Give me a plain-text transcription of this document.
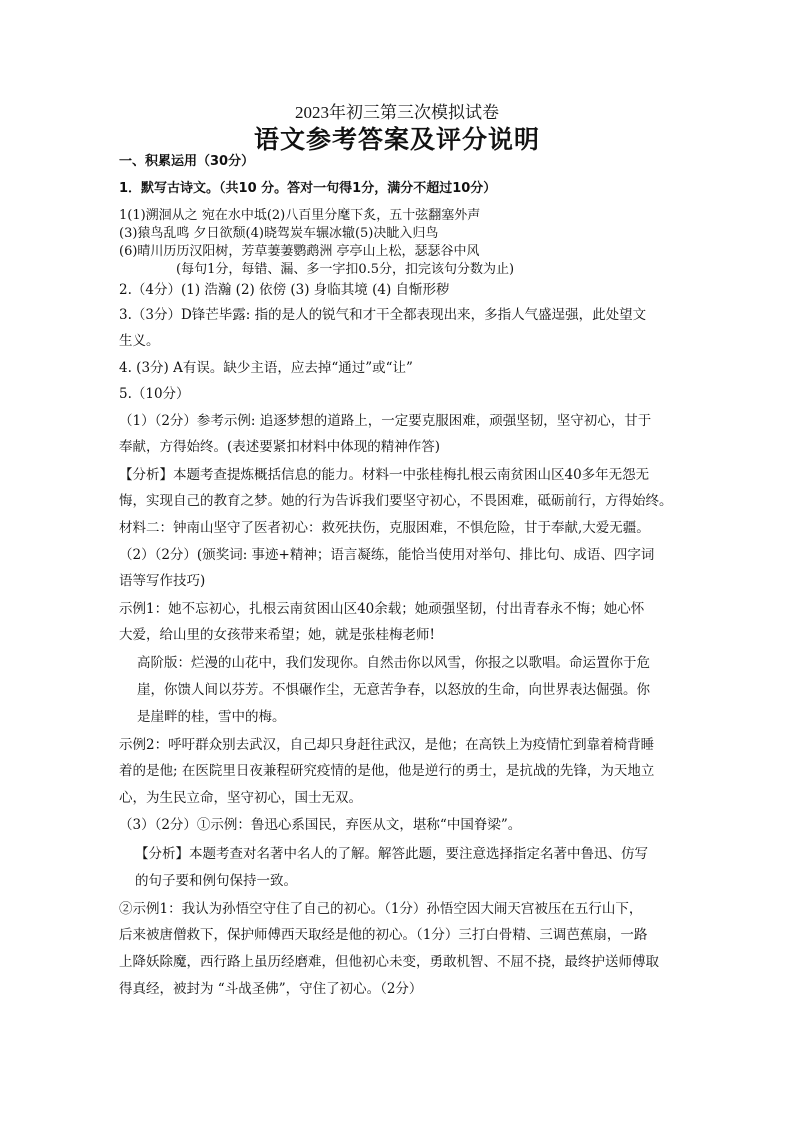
2023年初三第三次模拟试卷
语文参考答案及评分说明
一、积累运用（30分）
1．默写古诗文。（共10 分。答对一句得1分，满分不超过10分）
1(1)溯洄从之 宛在水中坻(2)八百里分麾下炙，五十弦翻塞外声
(3)猿鸟乱鸣 夕日欲颓(4)晓驾炭车辗冰辙(5)决眦入归鸟
(6)晴川历历汉阳树，芳草萋萋鹦鹉洲 亭亭山上松，瑟瑟谷中风
(每句1分，每错、漏、多一字扣0.5分，扣完该句分数为止)
2.（4分）(1) 浩瀚 (2) 依傍 (3) 身临其境 (4) 自惭形秽
3.（3分）D锋芒毕露: 指的是人的锐气和才干全都表现出来，多指人气盛逞强，此处望文
生义。
4. (3分) A有误。缺少主语，应去掉“通过”或“让”
5.（10分）
（1）（2分）参考示例: 追逐梦想的道路上，一定要克服困难，顽强坚韧，坚守初心，甘于
奉献，方得始终。(表述要紧扣材料中体现的精神作答)
【分析】本题考查提炼概括信息的能力。材料一中张桂梅扎根云南贫困山区40多年无怨无
悔，实现自己的教育之梦。她的行为告诉我们要坚守初心，不畏困难，砥砺前行，方得始终。
材料二：钟南山坚守了医者初心：救死扶伤，克服困难，不惧危险，甘于奉献,大爱无疆。
（2）（2分）(颁奖词: 事迹+精神；语言凝练，能恰当使用对举句、排比句、成语、四字词
语等写作技巧)
示例1：她不忘初心，扎根云南贫困山区40余载；她顽强坚韧，付出青春永不悔；她心怀
大爱，给山里的女孩带来希望；她，就是张桂梅老师!
高阶版：烂漫的山花中，我们发现你。自然击你以风雪，你报之以歌唱。命运置你于危
崖，你馈人间以芬芳。不惧碾作尘，无意苦争春，以怒放的生命，向世界表达倔强。你
是崖畔的桂，雪中的梅。
示例2：呼吁群众别去武汉，自己却只身赶往武汉，是他；在高铁上为疫情忙到靠着椅背睡
着的是他; 在医院里日夜兼程研究疫情的是他，他是逆行的勇士，是抗战的先锋，为天地立
心，为生民立命，坚守初心，国士无双。
（3）（2分）①示例：鲁迅心系国民，弃医从文，堪称“中国脊梁”。
【分析】本题考查对名著中名人的了解。解答此题，要注意选择指定名著中鲁迅、仿写
的句子要和例句保持一致。
②示例1：我认为孙悟空守住了自己的初心。（1分）孙悟空因大闹天宫被压在五行山下，
后来被唐僧救下，保护师傅西天取经是他的初心。（1分）三打白骨精、三调芭蕉扇，一路
上降妖除魔，西行路上虽历经磨难，但他初心未变，勇敢机智、不屈不挠，最终护送师傅取
得真经，被封为 “斗战圣佛”，守住了初心。（2分）
